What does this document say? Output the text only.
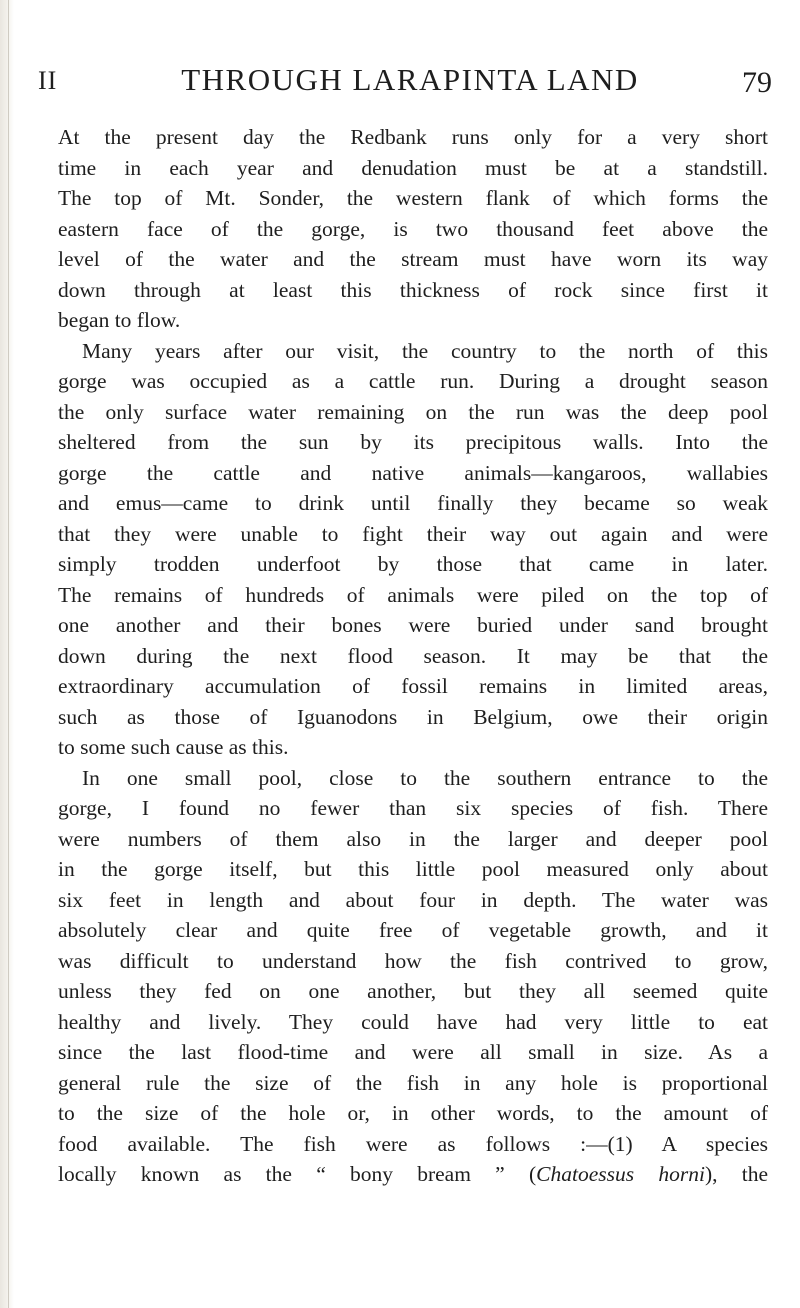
II	THROUGH LARAPINTA LAND	79
At the present day the Redbank runs only for a very short
time in each year and denudation must be at a standstill.
The top of Mt. Sonder, the western flank of which forms the
eastern face of the gorge, is two thousand feet above the
level of the water and the stream must have worn its way
down through at least this thickness of rock since first it
began to flow.
Many years after our visit, the country to the north of this
gorge was occupied as a cattle run. During a drought season
the only surface water remaining on the run was the deep pool
sheltered from the sun by its precipitous walls. Into the
gorge the cattle and native animals—kangaroos, wallabies
and emus—came to drink until finally they became so weak
that they were unable to fight their way out again and were
simply trodden underfoot by those that came in later.
The remains of hundreds of animals were piled on the top of
one another and their bones were buried under sand brought
down during the next flood season. It may be that the
extraordinary accumulation of fossil remains in limited areas,
such as those of Iguanodons in Belgium, owe their origin
to some such cause as this.
In one small pool, close to the southern entrance to the
gorge, I found no fewer than six species of fish. There
were numbers of them also in the larger and deeper pool
in the gorge itself, but this little pool measured only about
six feet in length and about four in depth. The water was
absolutely clear and quite free of vegetable growth, and it
was difficult to understand how the fish contrived to grow,
unless they fed on one another, but they all seemed quite
healthy and lively. They could have had very little to eat
since the last flood-time and were all small in size. As a
general rule the size of the fish in any hole is proportional
to the size of the hole or, in other words, to the amount of
food available. The fish were as follows :—(1) A species
locally known as the “ bony bream ” (Chatoessus horni), the
